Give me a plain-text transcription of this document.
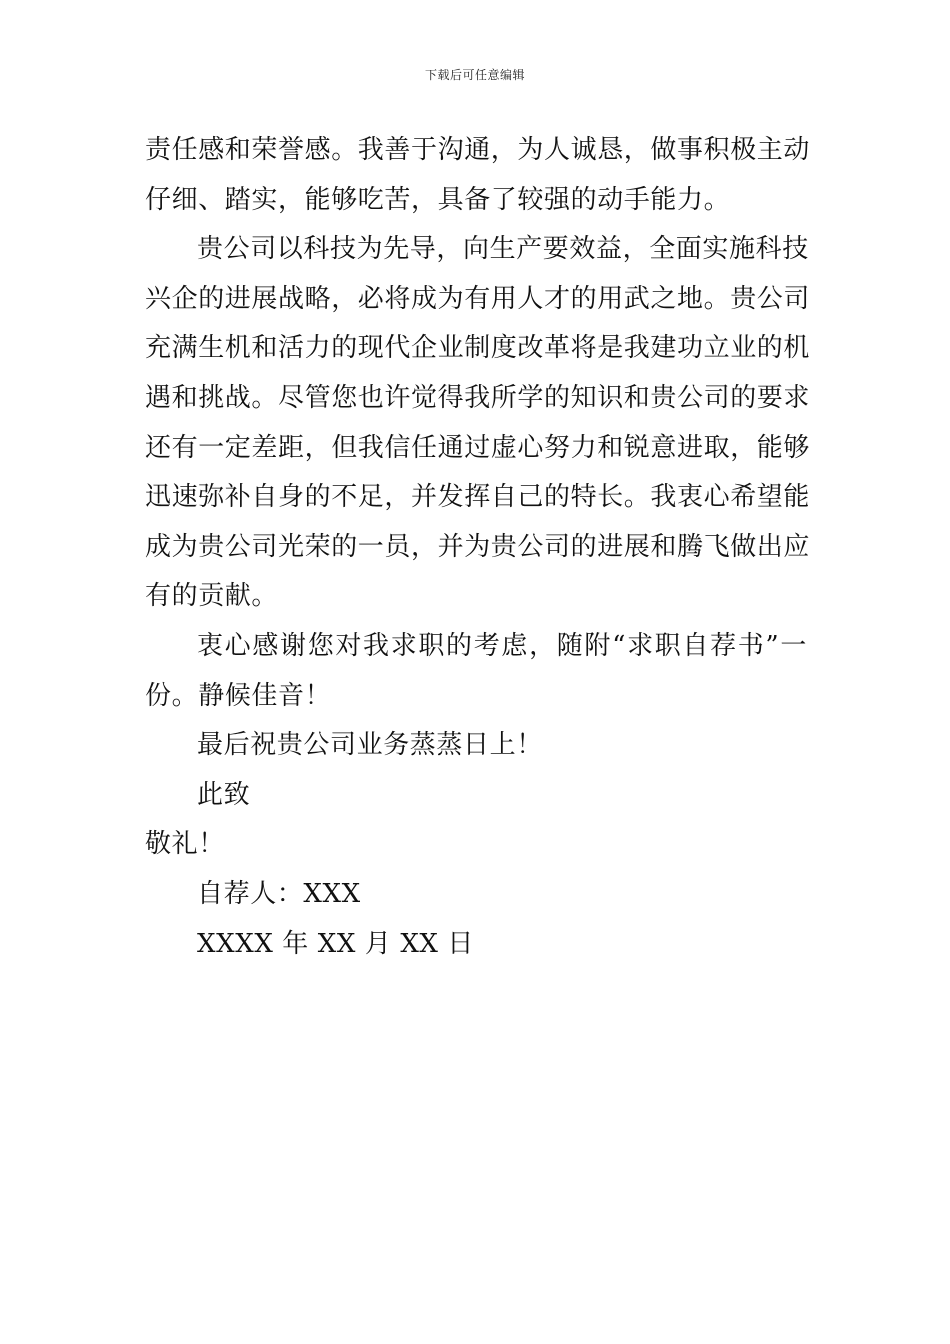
下载后可任意编辑
责任感和荣誉感。我善于沟通，为人诚恳，做事积极主动
仔细、踏实，能够吃苦，具备了较强的动手能力。
贵公司以科技为先导，向生产要效益，全面实施科技
兴企的进展战略，必将成为有用人才的用武之地。贵公司
充满生机和活力的现代企业制度改革将是我建功立业的机
遇和挑战。尽管您也许觉得我所学的知识和贵公司的要求
还有一定差距，但我信任通过虚心努力和锐意进取，能够
迅速弥补自身的不足，并发挥自己的特长。我衷心希望能
成为贵公司光荣的一员，并为贵公司的进展和腾飞做出应
有的贡献。
衷心感谢您对我求职的考虑，随附“求职自荐书”一
份。静候佳音！
最后祝贵公司业务蒸蒸日上！
此致
敬礼！
自荐人：XXX
XXXX 年 XX 月 XX 日
